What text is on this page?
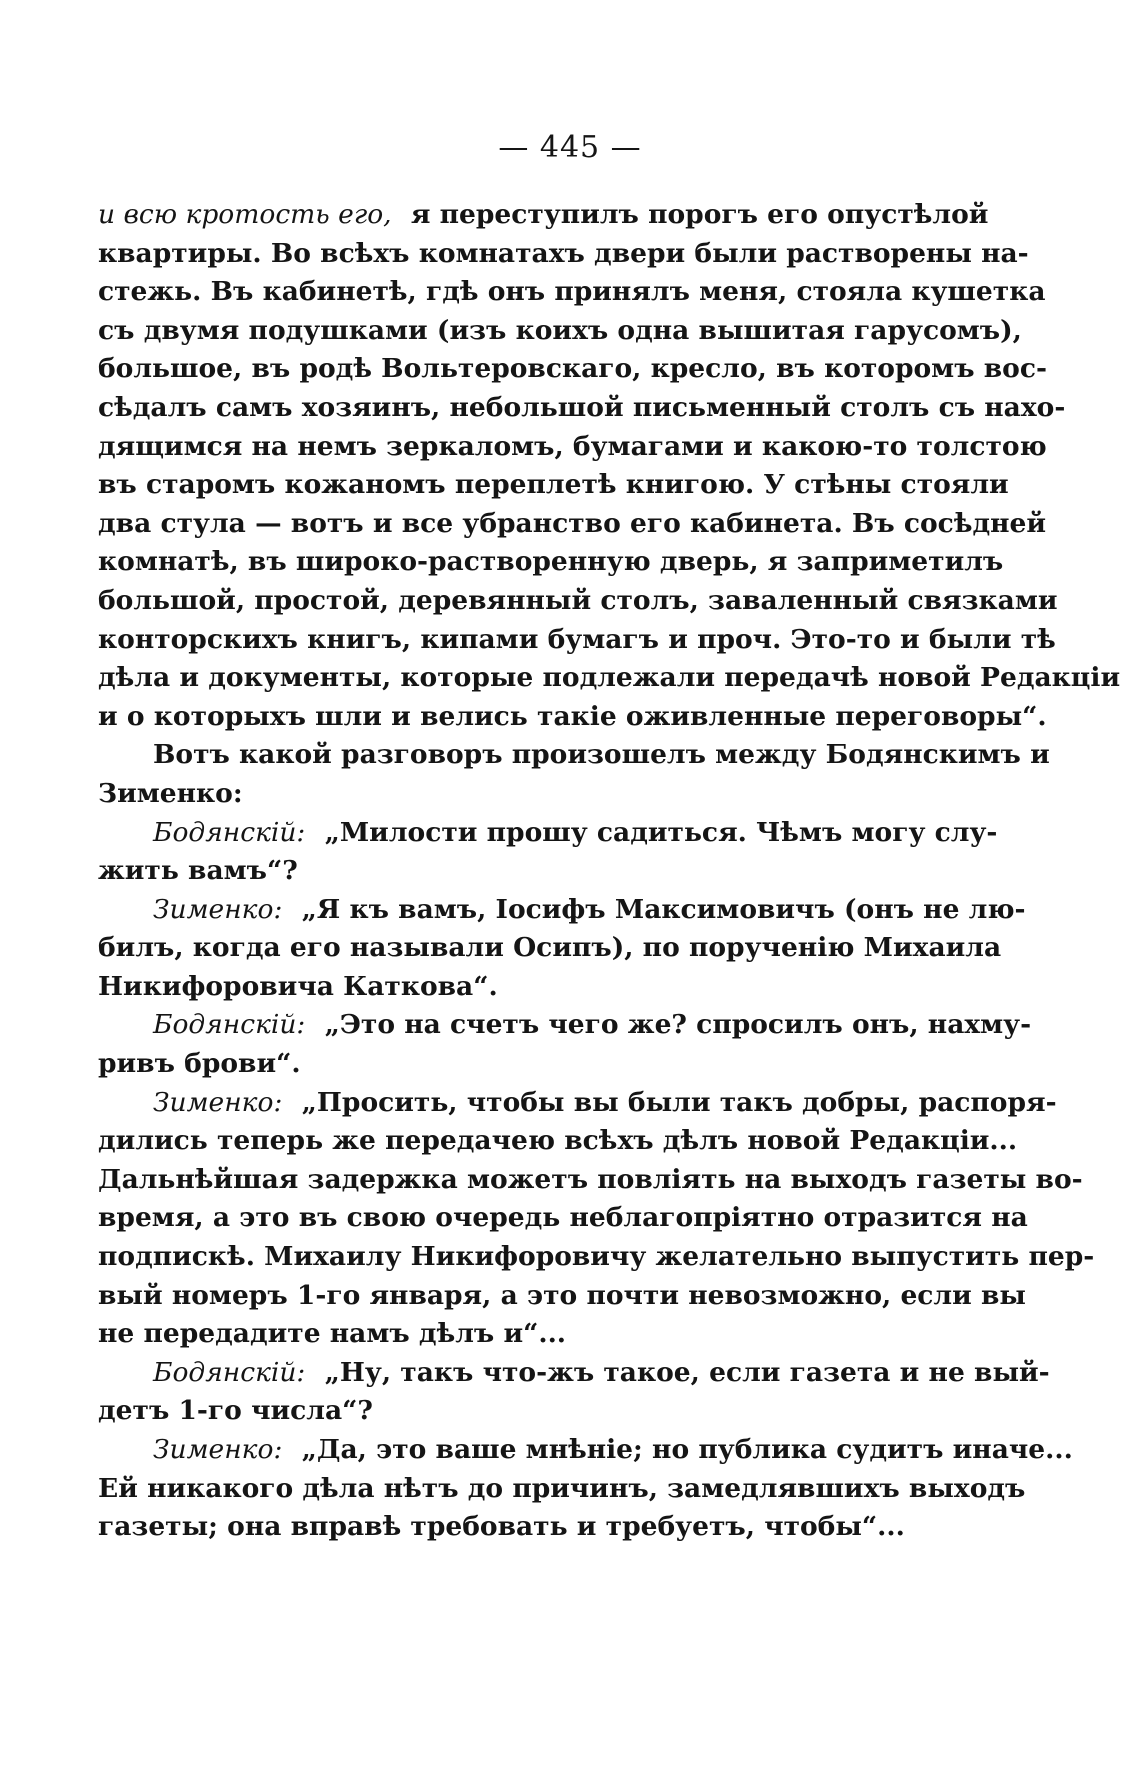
— 445 —
и всю кротость его, я переступилъ порогъ его опустѣлой
квартиры. Во всѣхъ комнатахъ двери были растворены на-
стежь. Въ кабинетѣ, гдѣ онъ принялъ меня, стояла кушетка
съ двумя подушками (изъ коихъ одна вышитая гарусомъ),
большое, въ родѣ Вольтеровскаго, кресло, въ которомъ вос-
сѣдалъ самъ хозяинъ, небольшой письменный столъ съ нахо-
дящимся на немъ зеркаломъ, бумагами и какою-то толстою
въ старомъ кожаномъ переплетѣ книгою. У стѣны стояли
два стула — вотъ и все убранство его кабинета. Въ сосѣдней
комнатѣ, въ широко-растворенную дверь, я заприметилъ
большой, простой, деревянный столъ, заваленный связками
конторскихъ книгъ, кипами бумагъ и проч. Это-то и были тѣ
дѣла и документы, которые подлежали передачѣ новой Редакціи
и о которыхъ шли и велись такіе оживленные переговоры“.
Вотъ какой разговоръ произошелъ между Бодянскимъ и
Зименко:
Бодянскій: „Милости прошу садиться. Чѣмъ могу слу-
жить вамъ“?
Зименко: „Я къ вамъ, Іосифъ Максимовичъ (онъ не лю-
билъ, когда его называли Осипъ), по порученію Михаила
Никифоровича Каткова“.
Бодянскій: „Это на счетъ чего же? спросилъ онъ, нахму-
ривъ брови“.
Зименко: „Просить, чтобы вы были такъ добры, распоря-
дились теперь же передачею всѣхъ дѣлъ новой Редакціи...
Дальнѣйшая задержка можетъ повліять на выходъ газеты во-
время, а это въ свою очередь неблагопріятно отразится на
подпискѣ. Михаилу Никифоровичу желательно выпустить пер-
вый номеръ 1-го января, а это почти невозможно, если вы
не передадите намъ дѣлъ и“...
Бодянскій: „Ну, такъ что-жъ такое, если газета и не вый-
детъ 1-го числа“?
Зименко: „Да, это ваше мнѣніе; но публика судитъ иначе...
Ей никакого дѣла нѣтъ до причинъ, замедлявшихъ выходъ
газеты; она вправѣ требовать и требуетъ, чтобы“...
